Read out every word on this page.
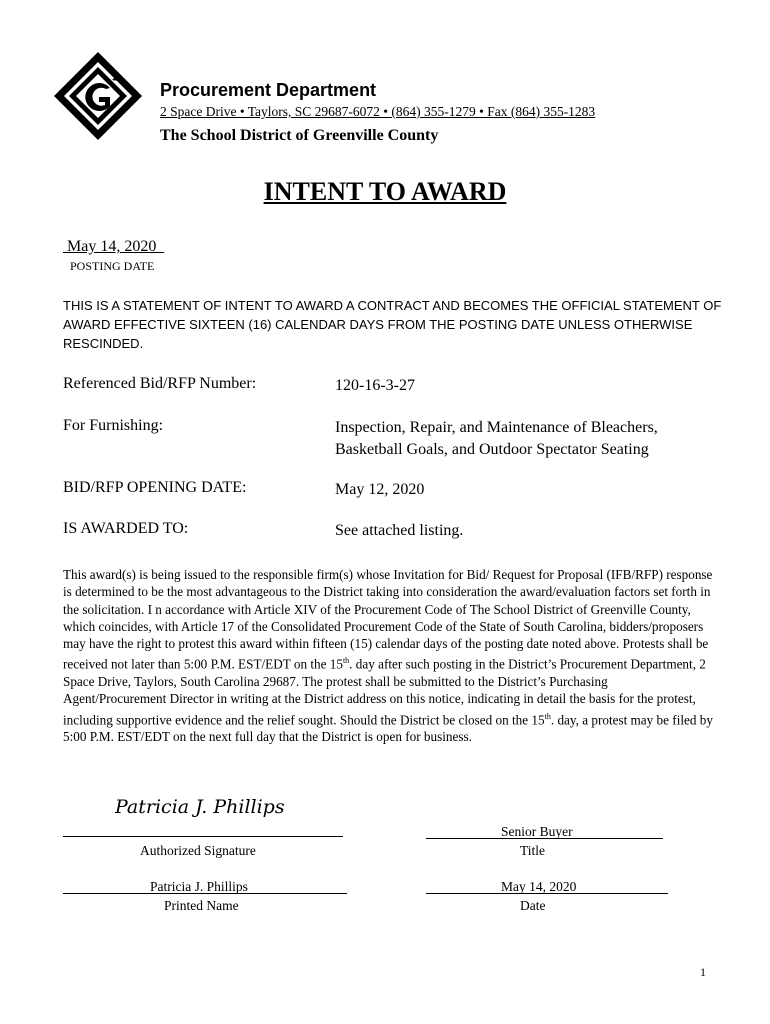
Procurement Department
2 Space Drive • Taylors, SC 29687-6072 • (864) 355-1279 • Fax (864) 355-1283
The School District of Greenville County
INTENT TO AWARD
May 14, 2020
POSTING DATE
THIS IS A STATEMENT OF INTENT TO AWARD A CONTRACT AND BECOMES THE OFFICIAL STATEMENT OF AWARD EFFECTIVE SIXTEEN (16) CALENDAR DAYS FROM THE POSTING DATE UNLESS OTHERWISE RESCINDED.
Referenced Bid/RFP Number:	120-16-3-27
For Furnishing:	Inspection, Repair, and Maintenance of Bleachers,
Basketball Goals, and Outdoor Spectator Seating
BID/RFP OPENING DATE:	May 12, 2020
IS AWARDED TO:	See attached listing.
This award(s) is being issued to the responsible firm(s) whose Invitation for Bid/ Request for Proposal (IFB/RFP) response is determined to be the most advantageous to the District taking into consideration the award/evaluation factors set forth in the solicitation. I n accordance with Article XIV of the Procurement Code of The School District of Greenville County, which coincides, with Article 17 of the Consolidated Procurement Code of the State of South Carolina, bidders/proposers may have the right to protest this award within fifteen (15) calendar days of the posting date noted above. Protests shall be received not later than 5:00 P.M. EST/EDT on the 15th. day after such posting in the District’s Procurement Department, 2 Space Drive, Taylors, South Carolina 29687. The protest shall be submitted to the District’s Purchasing Agent/Procurement Director in writing at the District address on this notice, indicating in detail the basis for the protest, including supportive evidence and the relief sought. Should the District be closed on the 15th. day, a protest may be filed by 5:00 P.M. EST/EDT on the next full day that the District is open for business.
Patricia J. Phillips
Authorized Signature
Senior Buyer
Title
Patricia J. Phillips
Printed Name
May 14, 2020
Date
1
